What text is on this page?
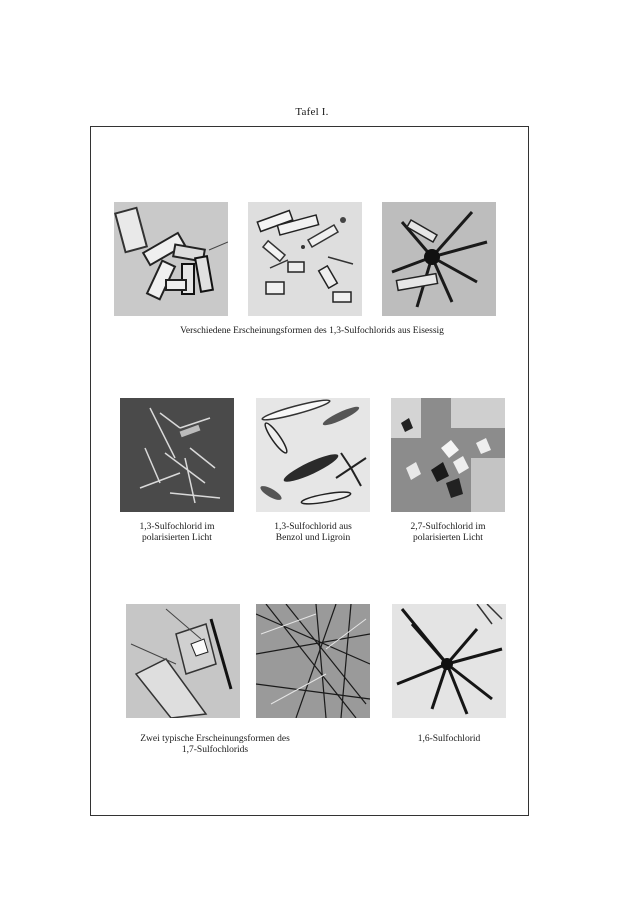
Tafel I.
Verschiedene Erscheinungsformen des 1,3-Sulfochlorids aus Eisessig
1,3-Sulfochlorid im
polarisierten Licht
1,3-Sulfochlorid aus
Benzol und Ligroin
2,7-Sulfochlorid im
polarisierten Licht
Zwei typische Erscheinungsformen des
1,7-Sulfochlorids
1,6-Sulfochlorid
